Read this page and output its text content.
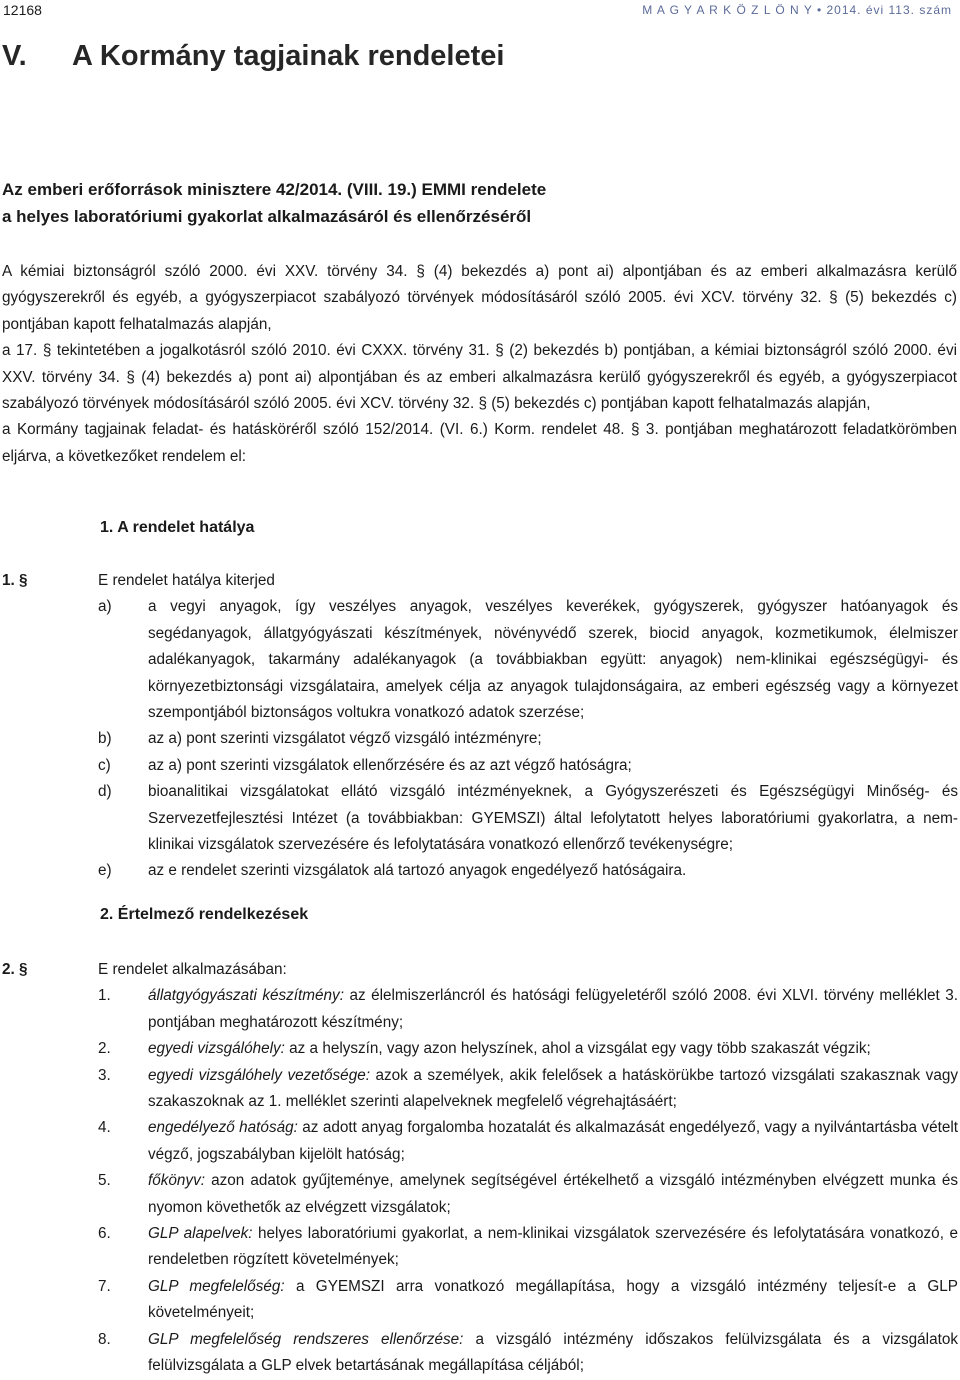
12168	M A G Y A R K Ö Z L Ö N Y • 2014. évi 113. szám
V. A Kormány tagjainak rendeletei
Az emberi erőforrások minisztere 42/2014. (VIII. 19.) EMMI rendelete
a helyes laboratóriumi gyakorlat alkalmazásáról és ellenőrzéséről

A kémiai biztonságról szóló 2000. évi XXV. törvény 34. § (4) bekezdés a) pont ai) alpontjában és az emberi alkalmazásra kerülő gyógyszerekről és egyéb, a gyógyszerpiacot szabályozó törvények módosításáról szóló 2005. évi XCV. törvény 32. § (5) bekezdés c) pontjában kapott felhatalmazás alapján,

a 17. § tekintetében a jogalkotásról szóló 2010. évi CXXX. törvény 31. § (2) bekezdés b) pontjában, a kémiai biztonságról szóló 2000. évi XXV. törvény 34. § (4) bekezdés a) pont ai) alpontjában és az emberi alkalmazásra kerülő gyógyszerekről és egyéb, a gyógyszerpiacot szabályozó törvények módosításáról szóló 2005. évi XCV. törvény 32. § (5) bekezdés c) pontjában kapott felhatalmazás alapján,

a Kormány tagjainak feladat- és hatásköréről szóló 152/2014. (VI. 6.) Korm. rendelet 48. § 3. pontjában meghatározott feladatkörömben eljárva, a következőket rendelem el:

1. A rendelet hatálya
1. §	E rendelet hatálya kiterjed
a)	a vegyi anyagok, így veszélyes anyagok, veszélyes keverékek, gyógyszerek, gyógyszer hatóanyagok és segédanyagok, állatgyógyászati készítmények, növényvédő szerek, biocid anyagok, kozmetikumok, élelmiszer adalékanyagok, takarmány adalékanyagok (a továbbiakban együtt: anyagok) nem-klinikai egészségügyi- és környezetbiztonsági vizsgálataira, amelyek célja az anyagok tulajdonságaira, az emberi egészség vagy a környezet szempontjából biztonságos voltukra vonatkozó adatok szerzése;
b)	az a) pont szerinti vizsgálatot végző vizsgáló intézményre;
c)	az a) pont szerinti vizsgálatok ellenőrzésére és az azt végző hatóságra;
d)	bioanalitikai vizsgálatokat ellátó vizsgáló intézményeknek, a Gyógyszerészeti és Egészségügyi Minőség- és Szervezetfejlesztési Intézet (a továbbiakban: GYEMSZI) által lefolytatott helyes laboratóriumi gyakorlatra, a nem-klinikai vizsgálatok szervezésére és lefolytatására vonatkozó ellenőrző tevékenységre;
e)	az e rendelet szerinti vizsgálatok alá tartozó anyagok engedélyező hatóságaira.
2. Értelmező rendelkezések
2. §	E rendelet alkalmazásában:
1.	állatgyógyászati készítmény: az élelmiszerláncról és hatósági felügyeletéről szóló 2008. évi XLVI. törvény melléklet 3. pontjában meghatározott készítmény;
2.	egyedi vizsgálóhely: az a helyszín, vagy azon helyszínek, ahol a vizsgálat egy vagy több szakaszát végzik;
3.	egyedi vizsgálóhely vezetősége: azok a személyek, akik felelősek a hatáskörükbe tartozó vizsgálati szakasznak vagy szakaszoknak az 1. melléklet szerinti alapelveknek megfelelő végrehajtásáért;
4.	engedélyező hatóság: az adott anyag forgalomba hozatalát és alkalmazását engedélyező, vagy a nyilvántartásba vételt végző, jogszabályban kijelölt hatóság;
5.	főkönyv: azon adatok gyűjteménye, amelynek segítségével értékelhető a vizsgáló intézményben elvégzett munka és nyomon követhetők az elvégzett vizsgálatok;
6.	GLP alapelvek: helyes laboratóriumi gyakorlat, a nem-klinikai vizsgálatok szervezésére és lefolytatására vonatkozó, e rendeletben rögzített követelmények;
7.	GLP megfelelőség: a GYEMSZI arra vonatkozó megállapítása, hogy a vizsgáló intézmény teljesít-e a GLP követelményeit;
8.	GLP megfelelőség rendszeres ellenőrzése: a vizsgáló intézmény időszakos felülvizsgálata és a vizsgálatok felülvizsgálata a GLP elvek betartásának megállapítása céljából;
